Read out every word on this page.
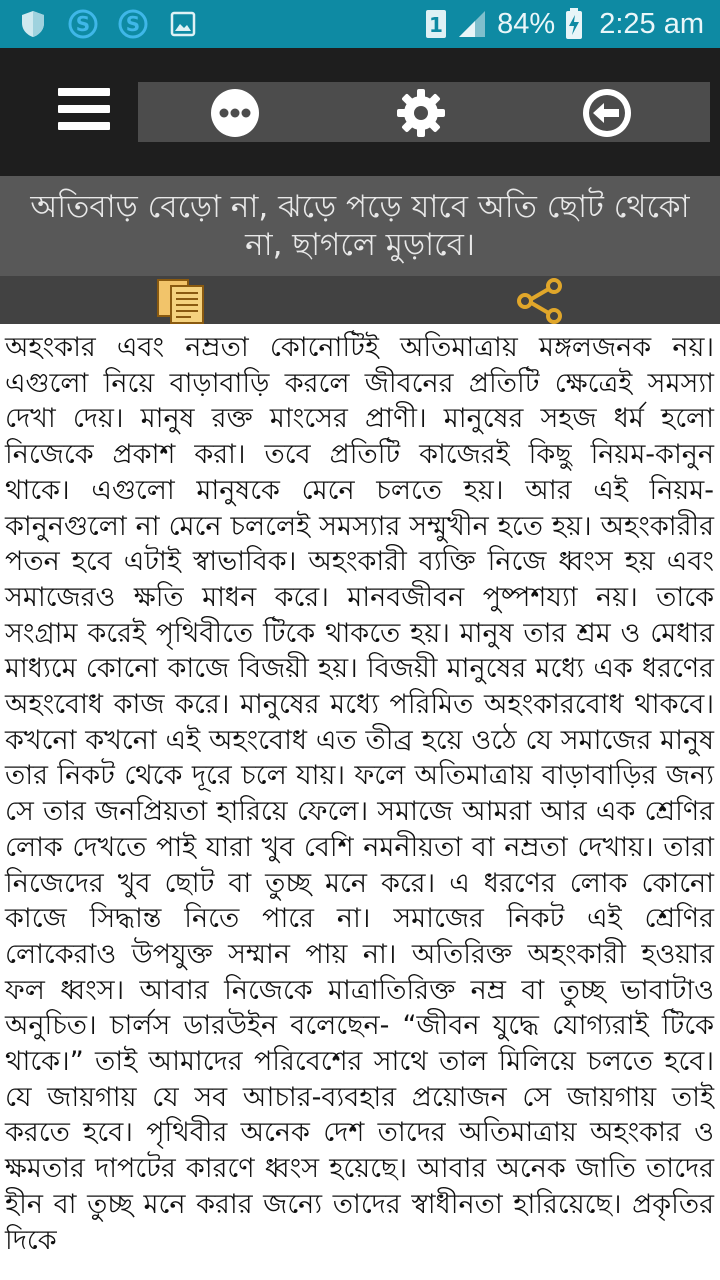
S S	1 84% 2:25 am
অতিবাড় বেড়ো না, ঝড়ে পড়ে যাবে অতি ছোট থেকো না, ছাগলে মুড়াবে।

অহংকার এবং নম্রতা কোনোটিই অতিমাত্রায় মঙ্গলজনক নয়। এগুলো নিয়ে বাড়াবাড়ি করলে জীবনের প্রতিটি ক্ষেত্রেই সমস্যা দেখা দেয়। মানুষ রক্ত মাংসের প্রাণী। মানুষের সহজ ধর্ম হলো নিজেকে প্রকাশ করা। তবে প্রতিটি কাজেরই কিছু নিয়ম-কানুন থাকে। এগুলো মানুষকে মেনে চলতে হয়। আর এই নিয়ম-কানুনগুলো না মেনে চললেই সমস্যার সম্মুখীন হতে হয়। অহংকারীর পতন হবে এটাই স্বাভাবিক। অহংকারী ব্যক্তি নিজে ধ্বংস হয় এবং সমাজেরও ক্ষতি মাধন করে। মানবজীবন পুষ্পশয্যা নয়। তাকে সংগ্রাম করেই পৃথিবীতে টিকে থাকতে হয়। মানুষ তার শ্রম ও মেধার মাধ্যমে কোনো কাজে বিজয়ী হয়। বিজয়ী মানুষের মধ্যে এক ধরণের অহংবোধ কাজ করে। মানুষের মধ্যে পরিমিত অহংকারবোধ থাকবে। কখনো কখনো এই অহংবোধ এত তীব্র হয়ে ওঠে যে সমাজের মানুষ তার নিকট থেকে দূরে চলে যায়। ফলে অতিমাত্রায় বাড়াবাড়ির জন্য সে তার জনপ্রিয়তা হারিয়ে ফেলে। সমাজে আমরা আর এক শ্রেণির লোক দেখতে পাই যারা খুব বেশি নমনীয়তা বা নম্রতা দেখায়। তারা নিজেদের খুব ছোট বা তুচ্ছ মনে করে। এ ধরণের লোক কোনো কাজে সিদ্ধান্ত নিতে পারে না। সমাজের নিকট এই শ্রেণির লোকেরাও উপযুক্ত সম্মান পায় না। অতিরিক্ত অহংকারী হওয়ার ফল ধ্বংস। আবার নিজেকে মাত্রাতিরিক্ত নম্র বা তুচ্ছ ভাবাটাও অনুচিত। চার্লস ডারউইন বলেছেন- “জীবন যুদ্ধে যোগ্যরাই টিকে থাকে।” তাই আমাদের পরিবেশের সাথে তাল মিলিয়ে চলতে হবে। যে জায়গায় যে সব আচার-ব্যবহার প্রয়োজন সে জায়গায় তাই করতে হবে। পৃথিবীর অনেক দেশ তাদের অতিমাত্রায় অহংকার ও ক্ষমতার দাপটের কারণে ধ্বংস হয়েছে। আবার অনেক জাতি তাদের হীন বা তুচ্ছ মনে করার জন্যে তাদের স্বাধীনতা হারিয়েছে। প্রকৃতির দিকে
